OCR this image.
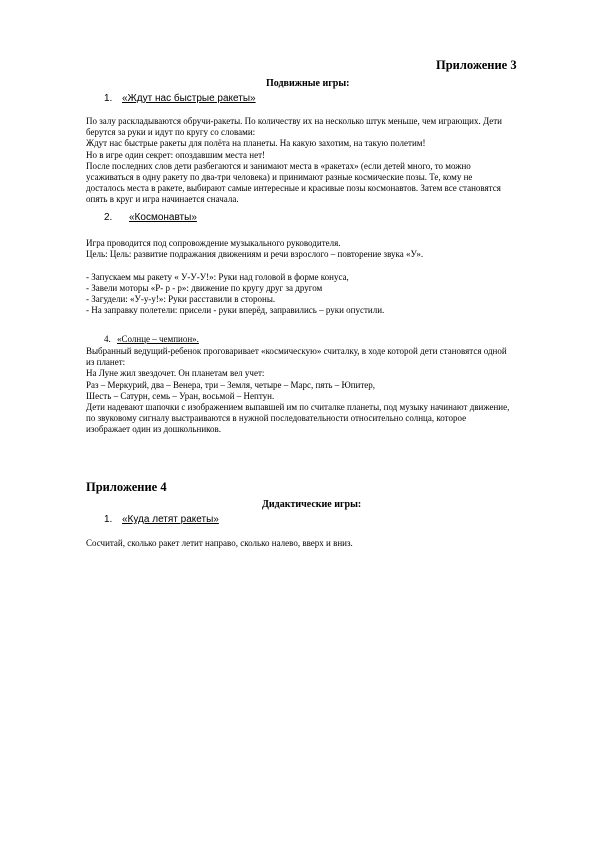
Приложение 3
Подвижные игры:
1. «Ждут нас быстрые ракеты»
По залу раскладываются обручи-ракеты. По количеству их на несколько штук меньше, чем играющих. Дети
берутся за руки и идут по кругу со словами:
Ждут нас быстрые ракеты для полёта на планеты. На какую захотим, на такую полетим!
Но в игре один секрет: опоздавшим места нет!
После последних слов дети разбегаются и занимают места в «ракетах» (если детей много, то можно
усаживаться в одну ракету по два-три человека) и принимают разные космические позы. Те, кому не
досталось места в ракете, выбирают самые интересные и красивые позы космонавтов. Затем все становятся
опять в круг и игра начинается сначала.
2. «Космонавты»
Игра проводится под сопровождение музыкального руководителя.
Цель: Цель: развитие подражания движениям и речи взрослого – повторение звука «У».
- Запускаем мы ракету « У-У-У!»: Руки над головой в форме конуса,
- Завели моторы «Р- р - р»: движение по кругу друг за другом
- Загудели: «У-у-у!»: Руки расставили в стороны.
- На заправку полетели: присели - руки вперёд, заправились – руки опустили.
4. «Солнце – чемпион».
Выбранный ведущий-ребенок проговаривает «космическую» считалку, в ходе которой дети становятся одной
из планет:
На Луне жил звездочет. Он планетам вел учет:
Раз – Меркурий, два – Венера, три – Земля, четыре – Марс, пять – Юпитер,
Шесть – Сатурн, семь – Уран, восьмой – Нептун.
Дети надевают шапочки с изображением выпавшей им по считалке планеты, под музыку начинают движение,
по звуковому сигналу выстраиваются в нужной последовательности относительно солнца, которое
изображает один из дошкольников.
Приложение 4
Дидактические игры:
1. «Куда летят ракеты»
Сосчитай, сколько ракет летит направо, сколько налево, вверх и вниз.
